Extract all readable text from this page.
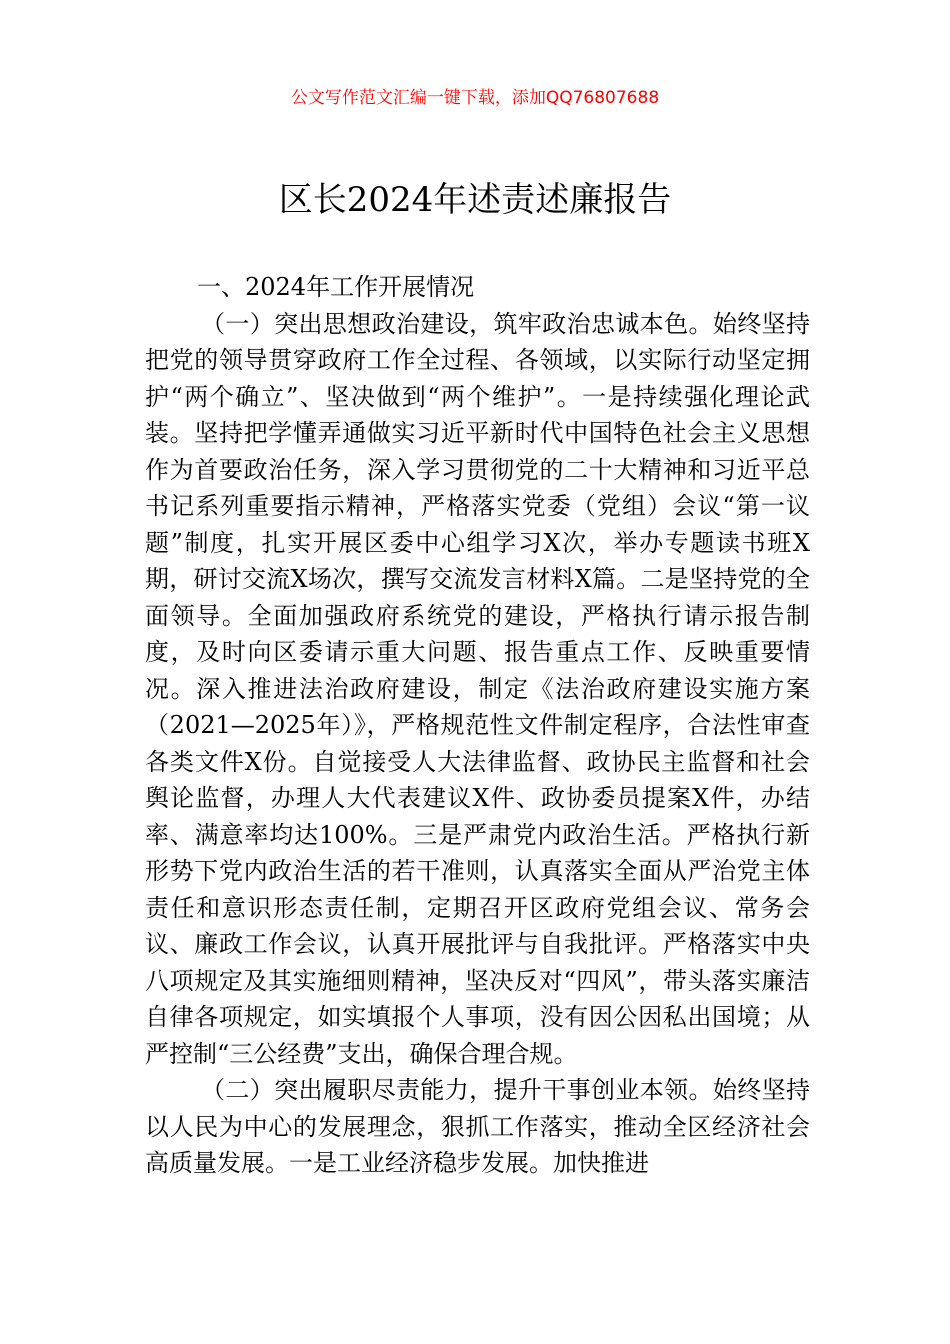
公文写作范文汇编一键下载，添加QQ76807688
区长2024年述责述廉报告

一、2024年工作开展情况

（一）突出思想政治建设，筑牢政治忠诚本色。始终坚持把党的领导贯穿政府工作全过程、各领域，以实际行动坚定拥护“两个确立”、坚决做到“两个维护”。一是持续强化理论武装。坚持把学懂弄通做实习近平新时代中国特色社会主义思想作为首要政治任务，深入学习贯彻党的二十大精神和习近平总书记系列重要指示精神，严格落实党委（党组）会议“第一议题”制度，扎实开展区委中心组学习X次，举办专题读书班X期，研讨交流X场次，撰写交流发言材料X篇。二是坚持党的全面领导。全面加强政府系统党的建设，严格执行请示报告制度，及时向区委请示重大问题、报告重点工作、反映重要情况。深入推进法治政府建设，制定《法治政府建设实施方案（2021—2025年）》，严格规范性文件制定程序，合法性审查各类文件X份。自觉接受人大法律监督、政协民主监督和社会舆论监督，办理人大代表建议X件、政协委员提案X件，办结率、满意率均达100%。三是严肃党内政治生活。严格执行新形势下党内政治生活的若干准则，认真落实全面从严治党主体责任和意识形态责任制，定期召开区政府党组会议、常务会议、廉政工作会议，认真开展批评与自我批评。严格落实中央八项规定及其实施细则精神，坚决反对“四风”，带头落实廉洁自律各项规定，如实填报个人事项，没有因公因私出国境；从严控制“三公经费”支出，确保合理合规。

（二）突出履职尽责能力，提升干事创业本领。始终坚持以人民为中心的发展理念，狠抓工作落实，推动全区经济社会高质量发展。一是工业经济稳步发展。加快推进
